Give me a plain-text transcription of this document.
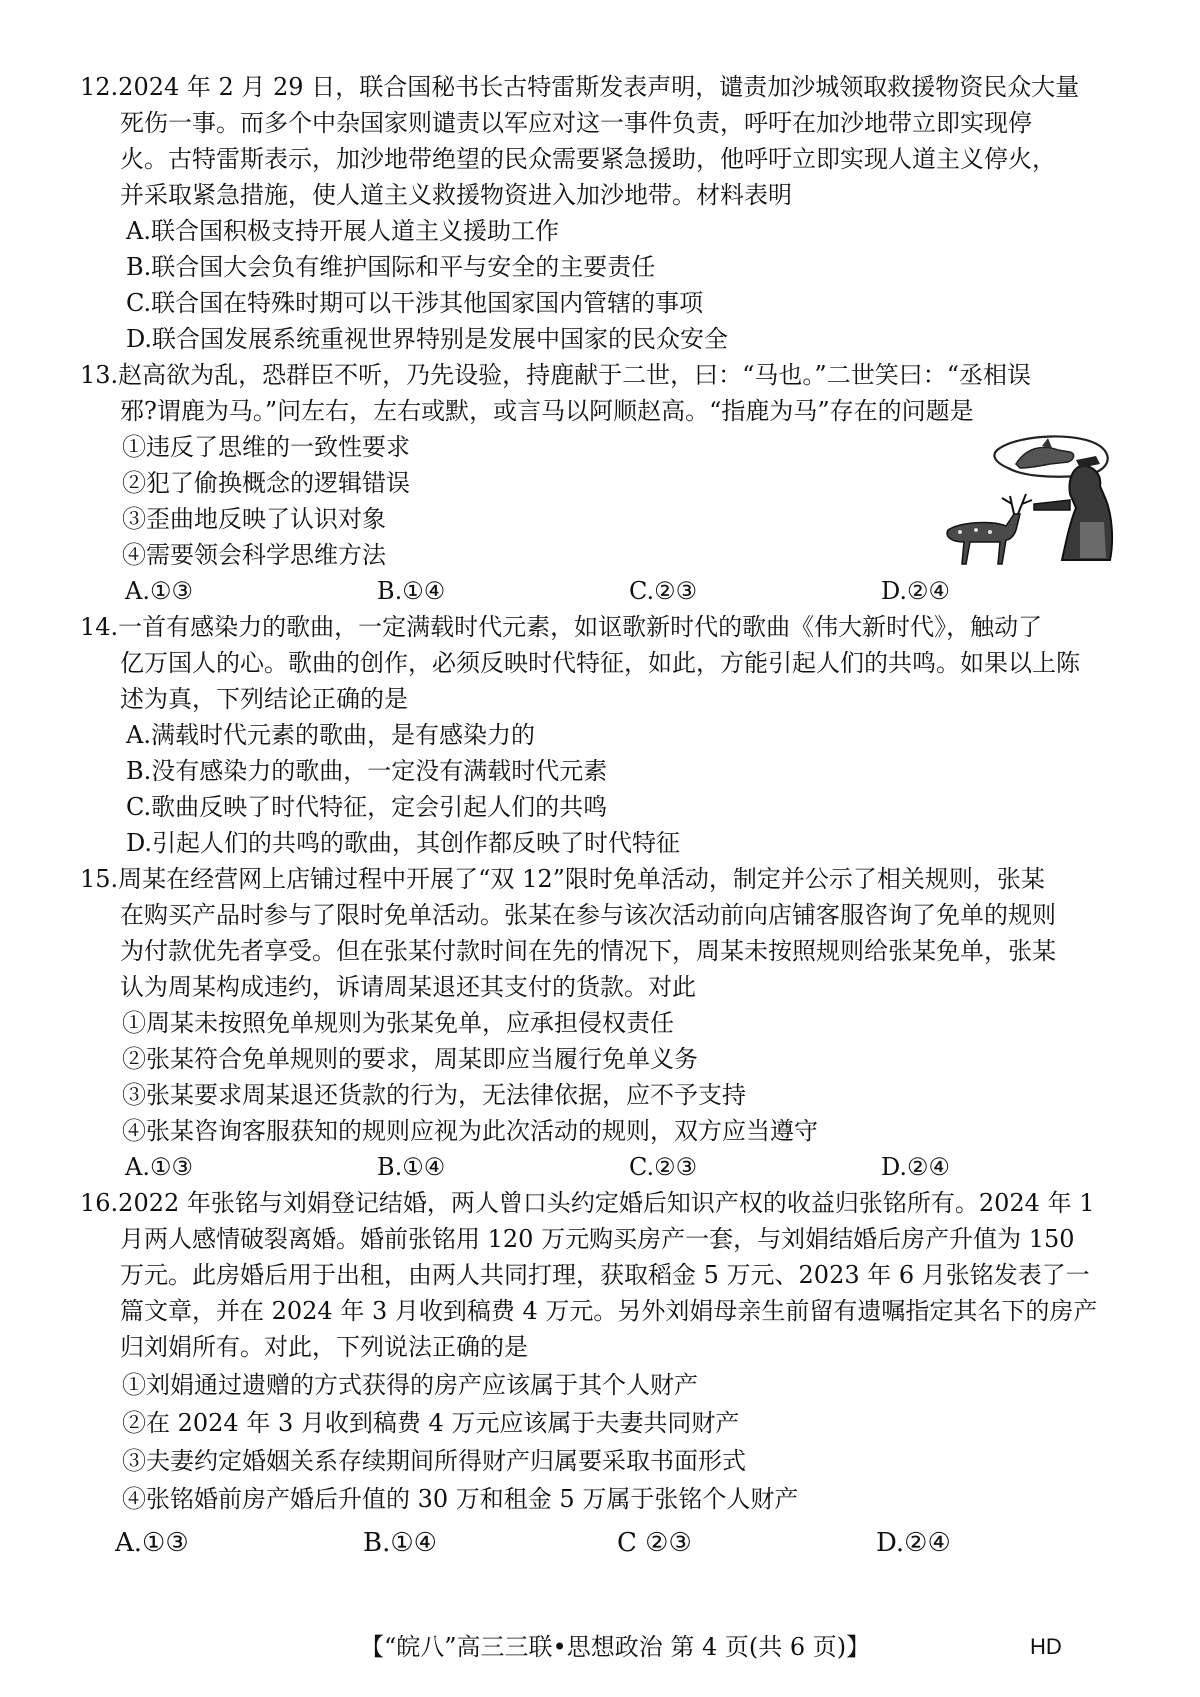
12.2024 年 2 月 29 日，联合国秘书长古特雷斯发表声明，谴责加沙城领取救援物资民众大量
死伤一事。而多个中杂国家则谴责以军应对这一事件负责，呼吁在加沙地带立即实现停
火。古特雷斯表示，加沙地带绝望的民众需要紧急援助，他呼吁立即实现人道主义停火，
并采取紧急措施，使人道主义救援物资进入加沙地带。材料表明
A.联合国积极支持开展人道主义援助工作
B.联合国大会负有维护国际和平与安全的主要责任
C.联合国在特殊时期可以干涉其他国家国内管辖的事项
D.联合国发展系统重视世界特别是发展中国家的民众安全
13.赵高欲为乱，恐群臣不听，乃先设验，持鹿献于二世，曰：“马也。”二世笑曰：“丞相误
邪?谓鹿为马。”问左右，左右或默，或言马以阿顺赵高。“指鹿为马”存在的问题是
①违反了思维的一致性要求
②犯了偷换概念的逻辑错误
③歪曲地反映了认识对象
④需要领会科学思维方法
A.①③	B.①④	C.②③	D.②④
14.一首有感染力的歌曲，一定满载时代元素，如讴歌新时代的歌曲《伟大新时代》，触动了
亿万国人的心。歌曲的创作，必须反映时代特征，如此，方能引起人们的共鸣。如果以上陈
述为真，下列结论正确的是
A.满载时代元素的歌曲，是有感染力的
B.没有感染力的歌曲，一定没有满载时代元素
C.歌曲反映了时代特征，定会引起人们的共鸣
D.引起人们的共鸣的歌曲，其创作都反映了时代特征
15.周某在经营网上店铺过程中开展了“双 12”限时免单活动，制定并公示了相关规则，张某
在购买产品时参与了限时免单活动。张某在参与该次活动前向店铺客服咨询了免单的规则
为付款优先者享受。但在张某付款时间在先的情况下，周某未按照规则给张某免单，张某
认为周某构成违约，诉请周某退还其支付的货款。对此
①周某未按照免单规则为张某免单，应承担侵权责任
②张某符合免单规则的要求，周某即应当履行免单义务
③张某要求周某退还货款的行为，无法律依据，应不予支持
④张某咨询客服获知的规则应视为此次活动的规则，双方应当遵守
A.①③	B.①④	C.②③	D.②④
16.2022 年张铭与刘娟登记结婚，两人曾口头约定婚后知识产权的收益归张铭所有。2024 年 1
月两人感情破裂离婚。婚前张铭用 120 万元购买房产一套，与刘娟结婚后房产升值为 150
万元。此房婚后用于出租，由两人共同打理，获取稻金 5 万元、2023 年 6 月张铭发表了一
篇文章，并在 2024 年 3 月收到稿费 4 万元。另外刘娟母亲生前留有遗嘱指定其名下的房产
归刘娟所有。对此，下列说法正确的是
①刘娟通过遗赠的方式获得的房产应该属于其个人财产
②在 2024 年 3 月收到稿费 4 万元应该属于夫妻共同财产
③夫妻约定婚姻关系存续期间所得财产归属要采取书面形式
④张铭婚前房产婚后升值的 30 万和租金 5 万属于张铭个人财产
A.①③	B.①④	C ②③	D.②④
【“皖八”高三三联•思想政治 第 4 页(共 6 页)】	HD
